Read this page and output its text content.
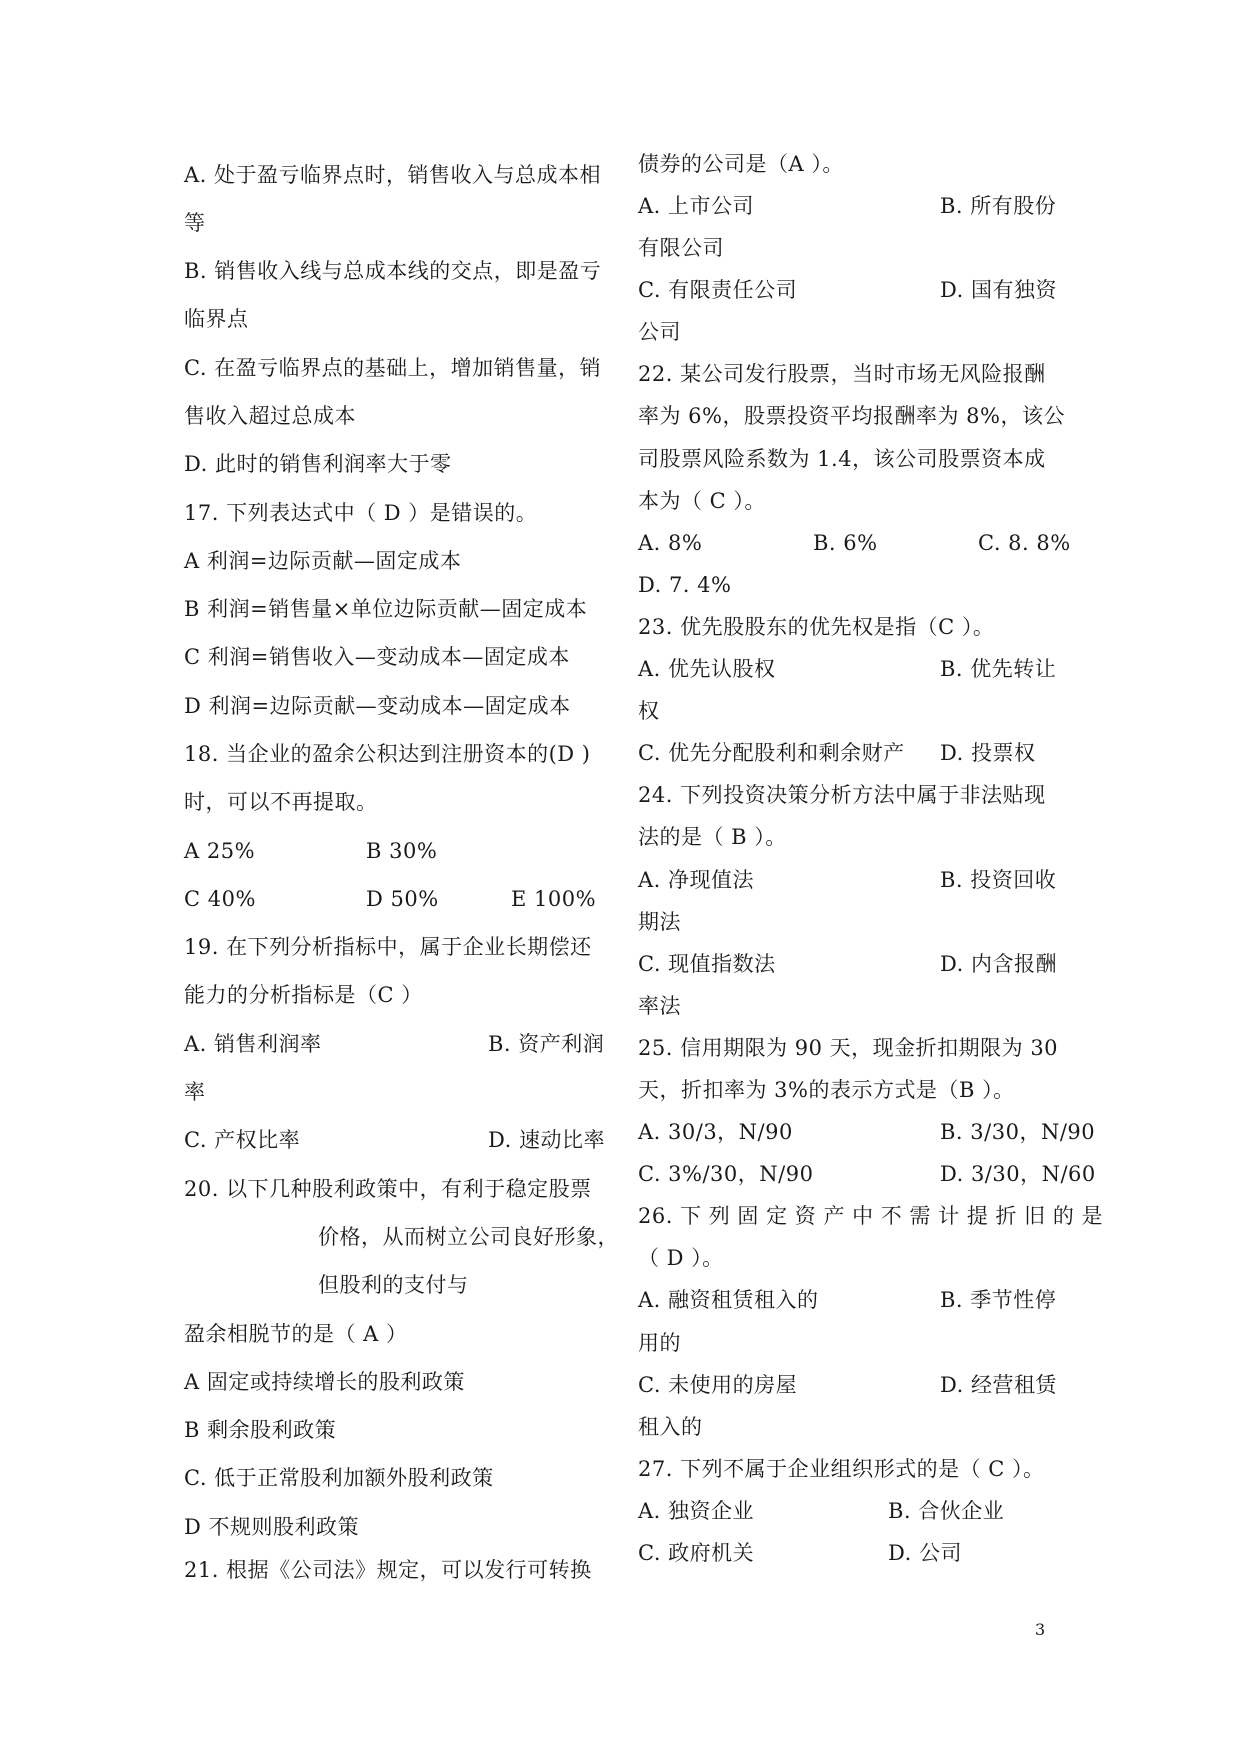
A. 处于盈亏临界点时，销售收入与总成本相
等
B. 销售收入线与总成本线的交点，即是盈亏
临界点
C. 在盈亏临界点的基础上，增加销售量，销
售收入超过总成本
D. 此时的销售利润率大于零
17. 下列表达式中（ D ）是错误的。
A 利润=边际贡献—固定成本
B 利润=销售量×单位边际贡献—固定成本
C 利润=销售收入—变动成本—固定成本
D 利润=边际贡献—变动成本—固定成本
18. 当企业的盈余公积达到注册资本的(D )
时，可以不再提取。
A 25%	B 30%
C 40%	D 50%	E 100%
19. 在下列分析指标中，属于企业长期偿还
能力的分析指标是（C ）
A. 销售利润率	B. 资产利润
率
C. 产权比率	D. 速动比率
20. 以下几种股利政策中，有利于稳定股票
价格，从而树立公司良好形象，
但股利的支付与
盈余相脱节的是（ A ）
A 固定或持续增长的股利政策
B 剩余股利政策
C. 低于正常股利加额外股利政策
D 不规则股利政策
21. 根据《公司法》规定，可以发行可转换
债券的公司是（A ）。
A. 上市公司	B. 所有股份
有限公司
C. 有限责任公司	D. 国有独资
公司
22. 某公司发行股票，当时市场无风险报酬
率为 6%，股票投资平均报酬率为 8%，该公
司股票风险系数为 1.4，该公司股票资本成
本为（ C ）。
A. 8%	B. 6%	C. 8. 8%
D. 7. 4%
23. 优先股股东的优先权是指（C ）。
A. 优先认股权	B. 优先转让
权
C. 优先分配股利和剩余财产 D. 投票权
24. 下列投资决策分析方法中属于非法贴现
法的是（ B ）。
A. 净现值法	B. 投资回收
期法
C. 现值指数法	D. 内含报酬
率法
25. 信用期限为 90 天，现金折扣期限为 30
天，折扣率为 3%的表示方式是（B ）。
A. 30/3，N/90	B. 3/30，N/90
C. 3%/30，N/90	D. 3/30，N/60
26. 下 列 固 定 资 产 中 不 需 计 提 折 旧 的 是
（ D ）。
A. 融资租赁租入的	B. 季节性停
用的
C. 未使用的房屋	D. 经营租赁
租入的
27. 下列不属于企业组织形式的是（ C ）。
A. 独资企业	B. 合伙企业
C. 政府机关	D. 公司
3
